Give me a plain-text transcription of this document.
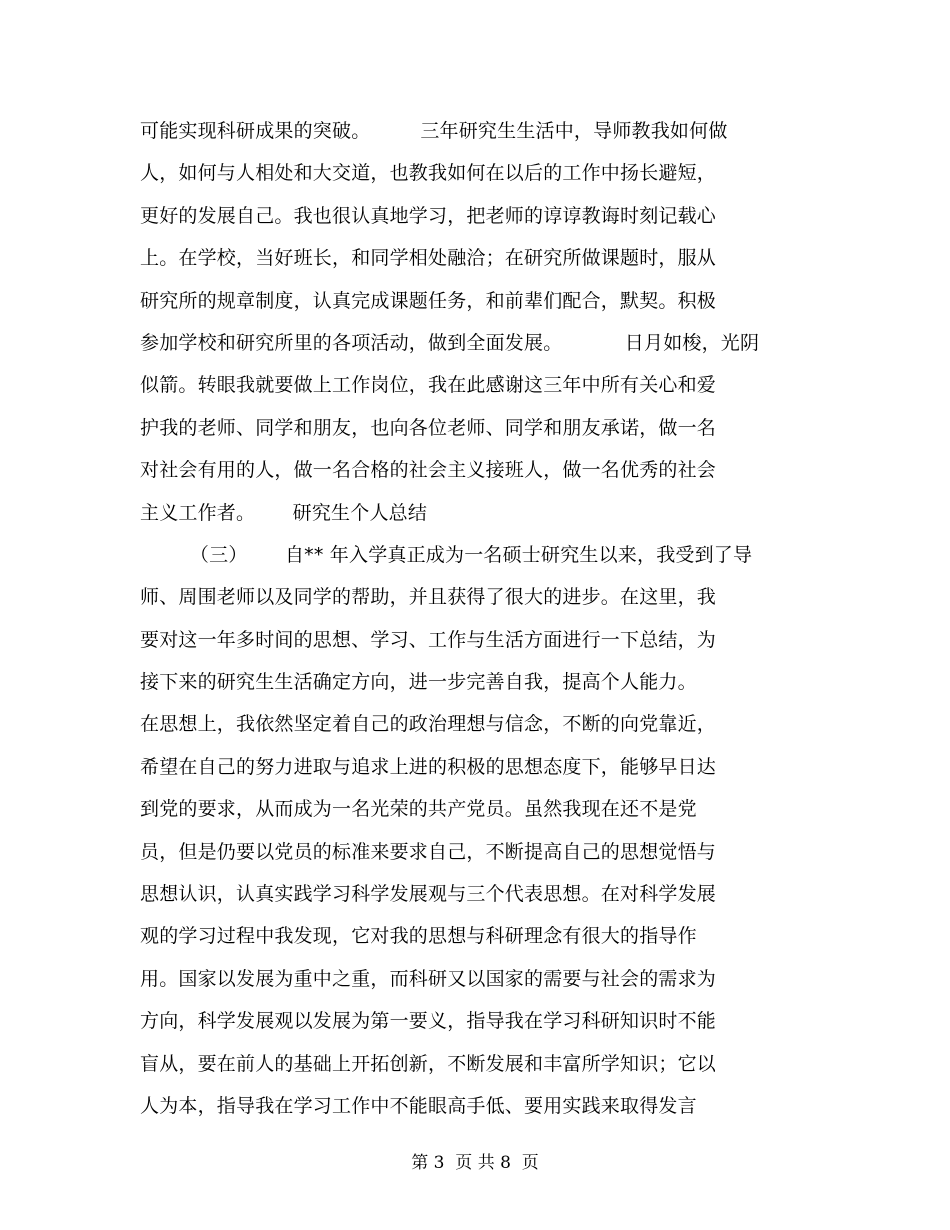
可能实现科研成果的突破。        三年研究生生活中，导师教我如何做
人，如何与人相处和大交道，也教我如何在以后的工作中扬长避短，
更好的发展自己。我也很认真地学习，把老师的谆谆教诲时刻记载心
上。在学校，当好班长，和同学相处融洽；在研究所做课题时，服从
研究所的规章制度，认真完成课题任务，和前辈们配合，默契。积极
参加学校和研究所里的各项活动，做到全面发展。          日月如梭，光阴
似箭。转眼我就要做上工作岗位，我在此感谢这三年中所有关心和爱
护我的老师、同学和朋友，也向各位老师、同学和朋友承诺，做一名
对社会有用的人，做一名合格的社会主义接班人，做一名优秀的社会
主义工作者。      研究生个人总结
（三）      自** 年入学真正成为一名硕士研究生以来，我受到了导
师、周围老师以及同学的帮助，并且获得了很大的进步。在这里，我
要对这一年多时间的思想、学习、工作与生活方面进行一下总结，为
接下来的研究生生活确定方向，进一步完善自我，提高个人能力。
在思想上，我依然坚定着自己的政治理想与信念，不断的向党靠近，
希望在自己的努力进取与追求上进的积极的思想态度下，能够早日达
到党的要求，从而成为一名光荣的共产党员。虽然我现在还不是党
员，但是仍要以党员的标准来要求自己，不断提高自己的思想觉悟与
思想认识，认真实践学习科学发展观与三个代表思想。在对科学发展
观的学习过程中我发现，它对我的思想与科研理念有很大的指导作
用。国家以发展为重中之重，而科研又以国家的需要与社会的需求为
方向，科学发展观以发展为第一要义，指导我在学习科研知识时不能
盲从，要在前人的基础上开拓创新，不断发展和丰富所学知识；它以
人为本，指导我在学习工作中不能眼高手低、要用实践来取得发言
第 3  页 共 8  页
